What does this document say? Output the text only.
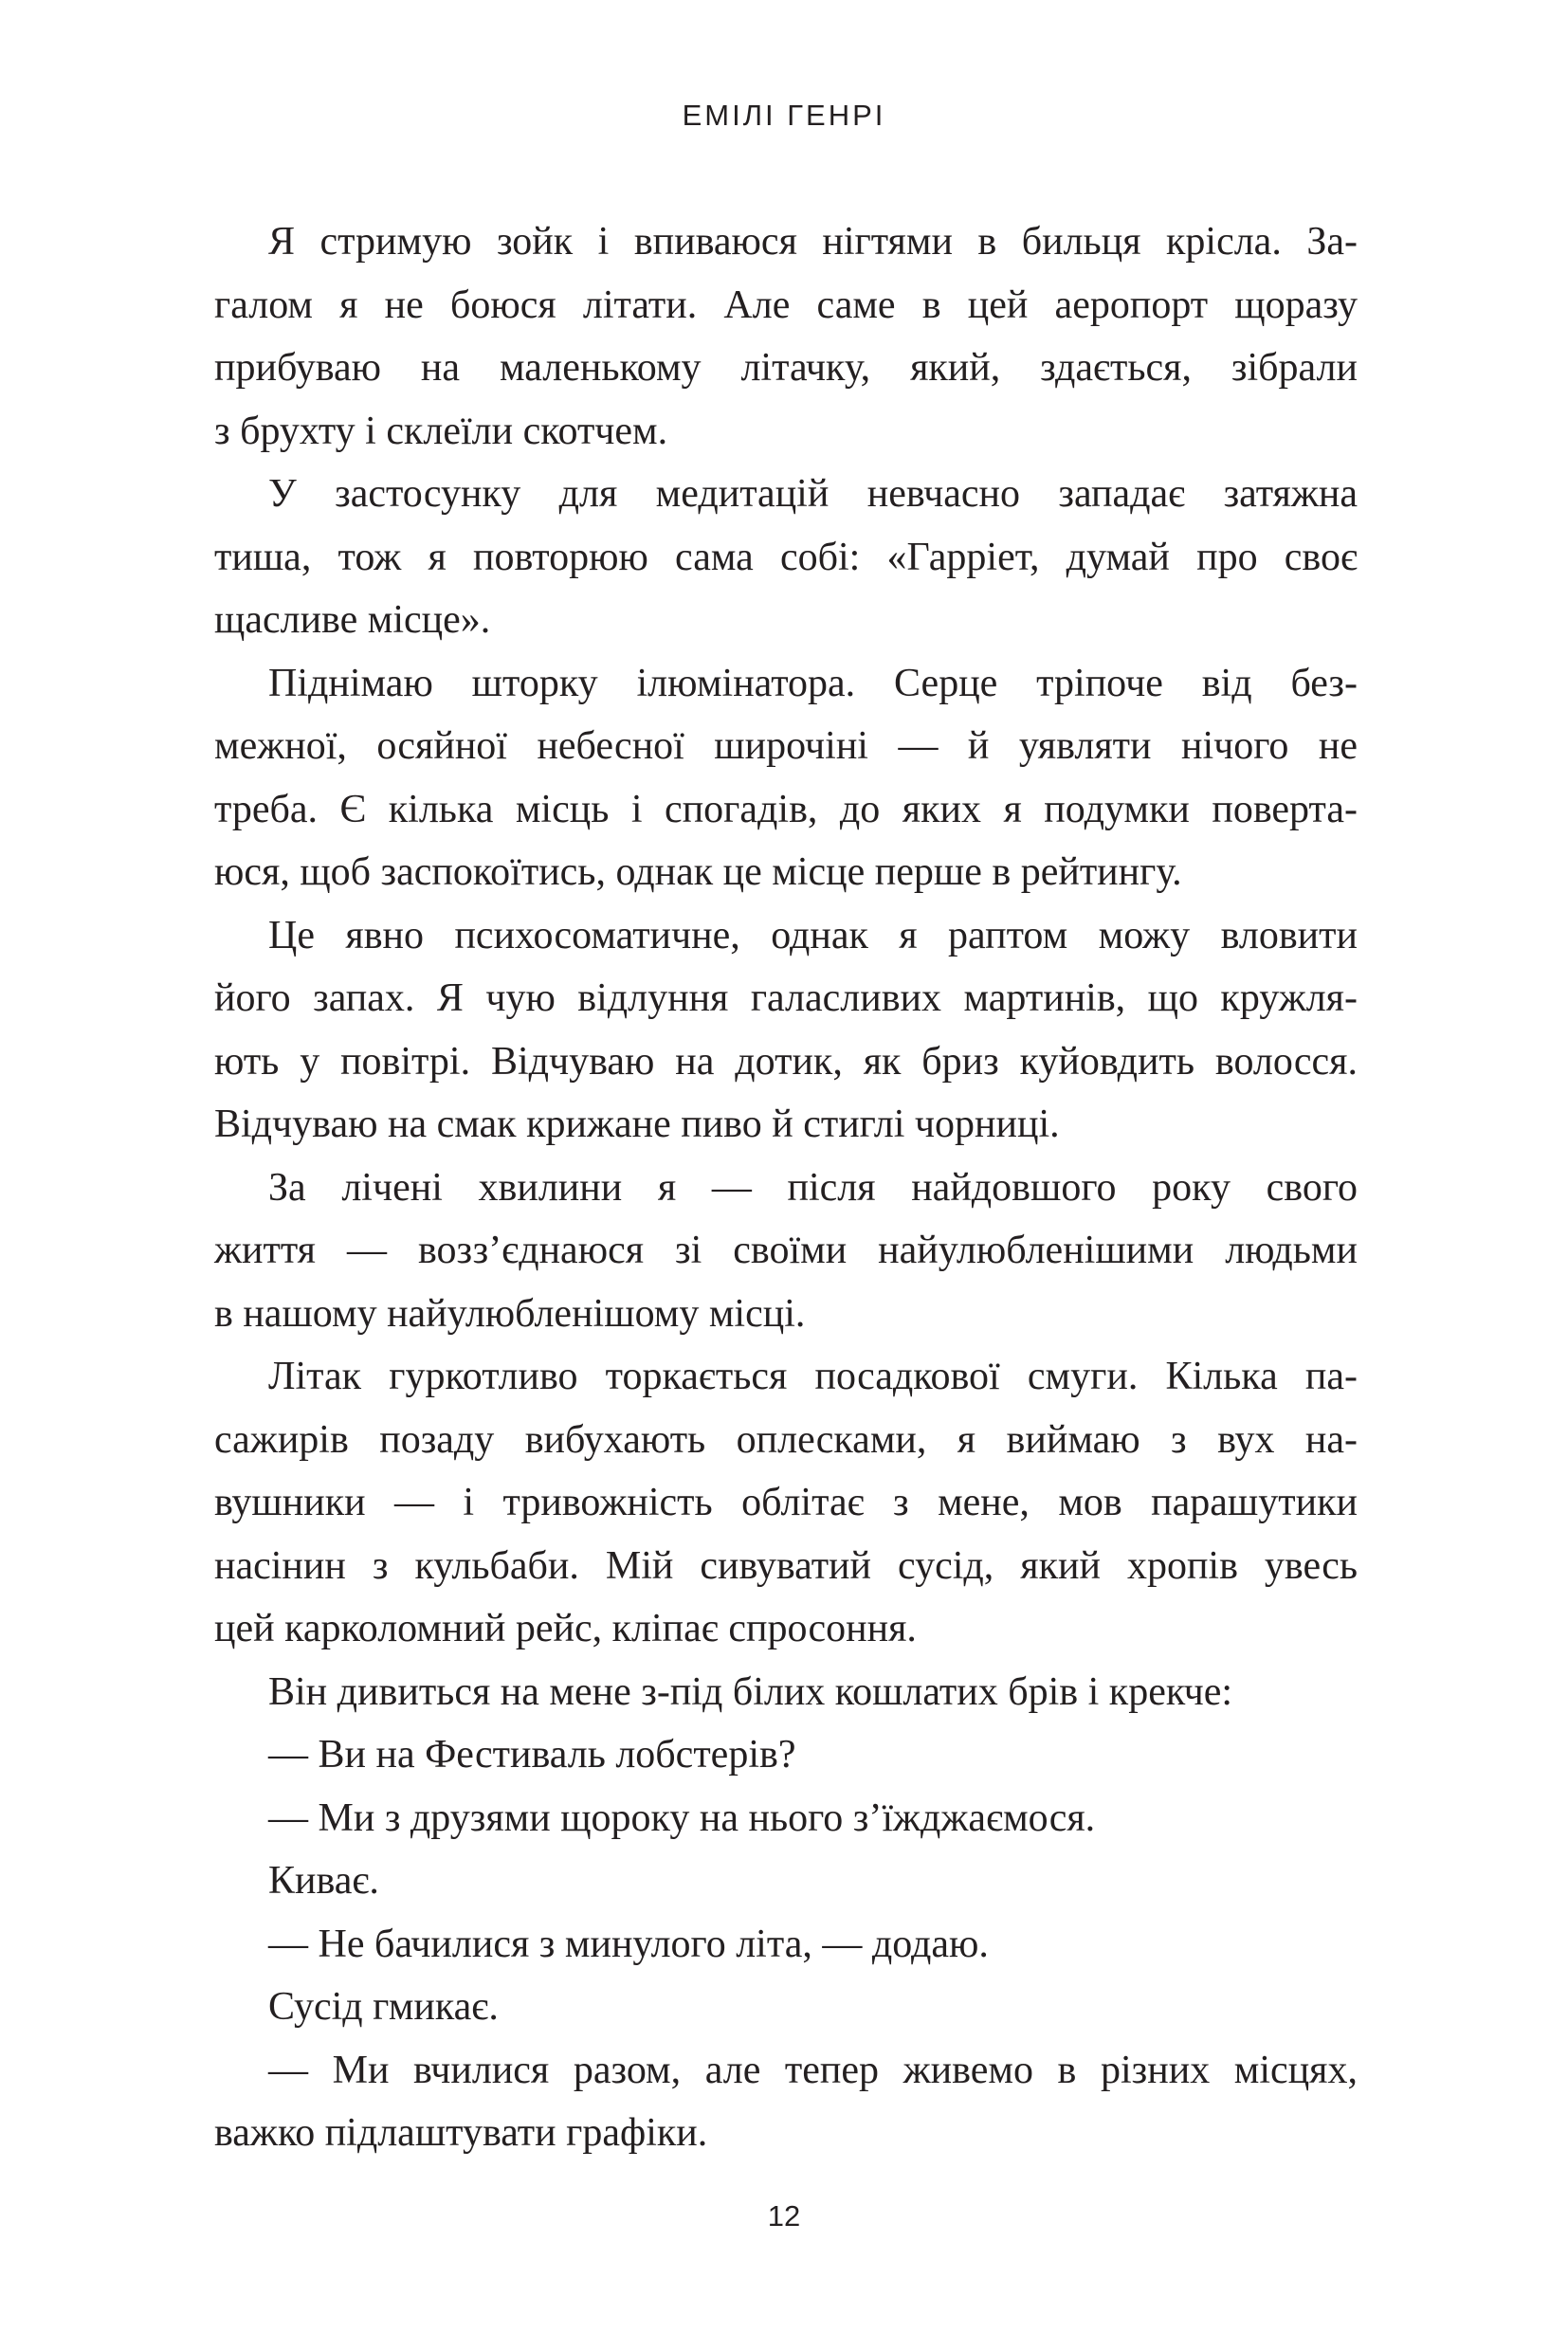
ЕМІЛІ ГЕНРІ
Я стримую зойк і впиваюся нігтями в бильця крісла. За-
галом я не боюся літати. Але саме в цей аеропорт щоразу
прибуваю на маленькому літачку, який, здається, зібрали
з брухту і склеїли скотчем.
У застосунку для медитацій невчасно западає затяжна
тиша, тож я повторюю сама собі: «Гарріет, думай про своє
щасливе місце».
Піднімаю шторку ілюмінатора. Серце тріпоче від без-
межної, осяйної небесної широчіні — й уявляти нічого не
треба. Є кілька місць і спогадів, до яких я подумки поверта-
юся, щоб заспокоїтись, однак це місце перше в рейтингу.
Це явно психосоматичне, однак я раптом можу вловити
його запах. Я чую відлуння галасливих мартинів, що кружля-
ють у повітрі. Відчуваю на дотик, як бриз куйовдить волосся.
Відчуваю на смак крижане пиво й стиглі чорниці.
За лічені хвилини я — після найдовшого року свого
життя — возз’єднаюся зі своїми найулюбленішими людьми
в нашому найулюбленішому місці.
Літак гуркотливо торкається посадкової смуги. Кілька па-
сажирів позаду вибухають оплесками, я виймаю з вух на-
вушники — і тривожність облітає з мене, мов парашутики
насінин з кульбаби. Мій сивуватий сусід, який хропів увесь
цей карколомний рейс, кліпає спросоння.
Він дивиться на мене з-під білих кошлатих брів і крекче:
— Ви на Фестиваль лобстерів?
— Ми з друзями щороку на нього з’їжджаємося.
Киває.
— Не бачилися з минулого літа, — додаю.
Сусід гмикає.
— Ми вчилися разом, але тепер живемо в різних місцях,
важко підлаштувати графіки.
12
